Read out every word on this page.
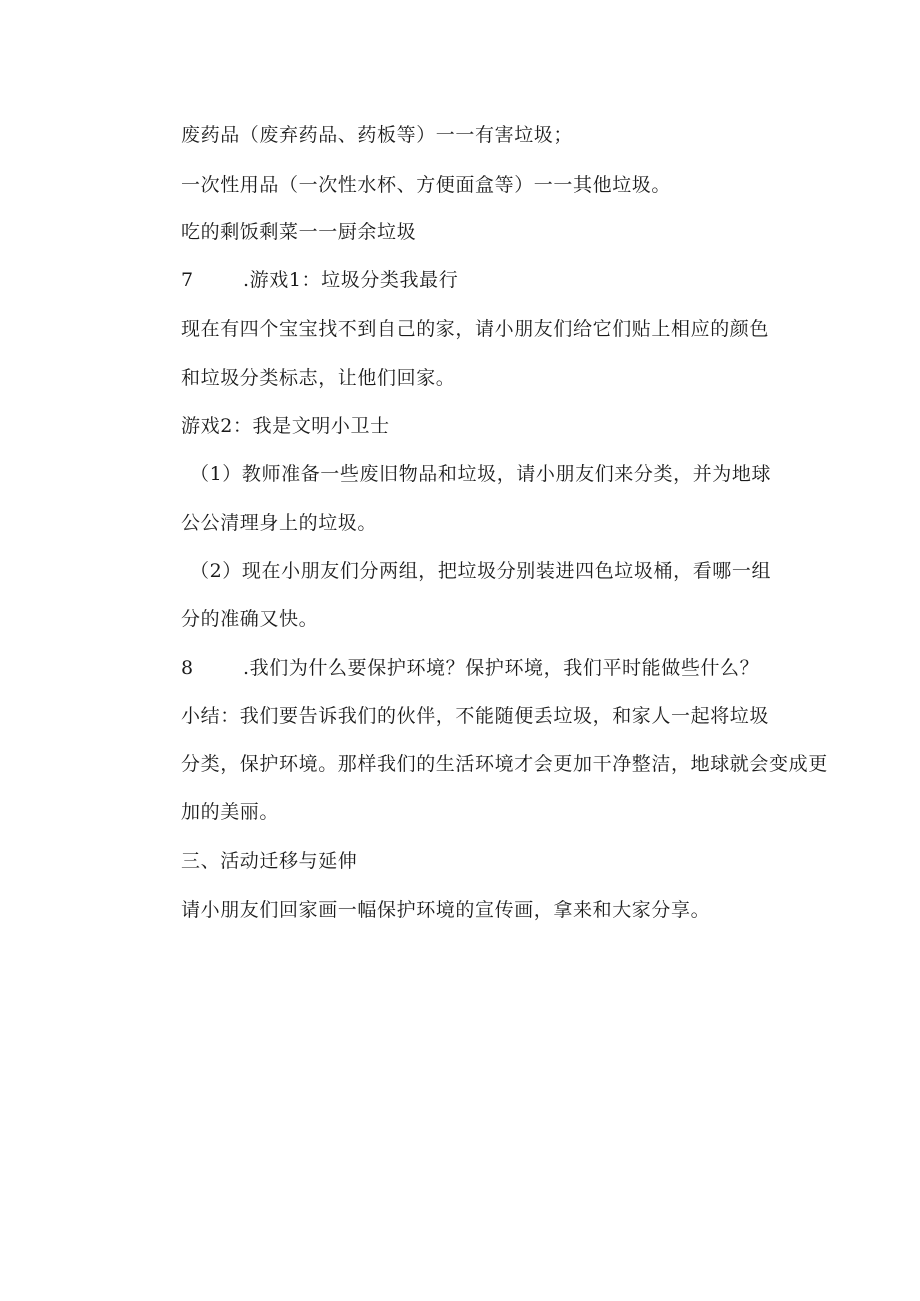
废药品（废弃药品、药板等）一一有害垃圾；
一次性用品（一次性水杯、方便面盒等）一一其他垃圾。
吃的剩饭剩菜一一厨余垃圾
7	.游戏1：垃圾分类我最行
现在有四个宝宝找不到自己的家，请小朋友们给它们贴上相应的颜色
和垃圾分类标志，让他们回家。
游戏2：我是文明小卫士
（1）教师准备一些废旧物品和垃圾，请小朋友们来分类，并为地球
公公清理身上的垃圾。
（2）现在小朋友们分两组，把垃圾分别装进四色垃圾桶，看哪一组
分的准确又快。
8	.我们为什么要保护环境？保护环境，我们平时能做些什么？
小结：我们要告诉我们的伙伴，不能随便丢垃圾，和家人一起将垃圾
分类，保护环境。那样我们的生活环境才会更加干净整洁，地球就会变成更
加的美丽。
三、活动迁移与延伸
请小朋友们回家画一幅保护环境的宣传画，拿来和大家分享。
